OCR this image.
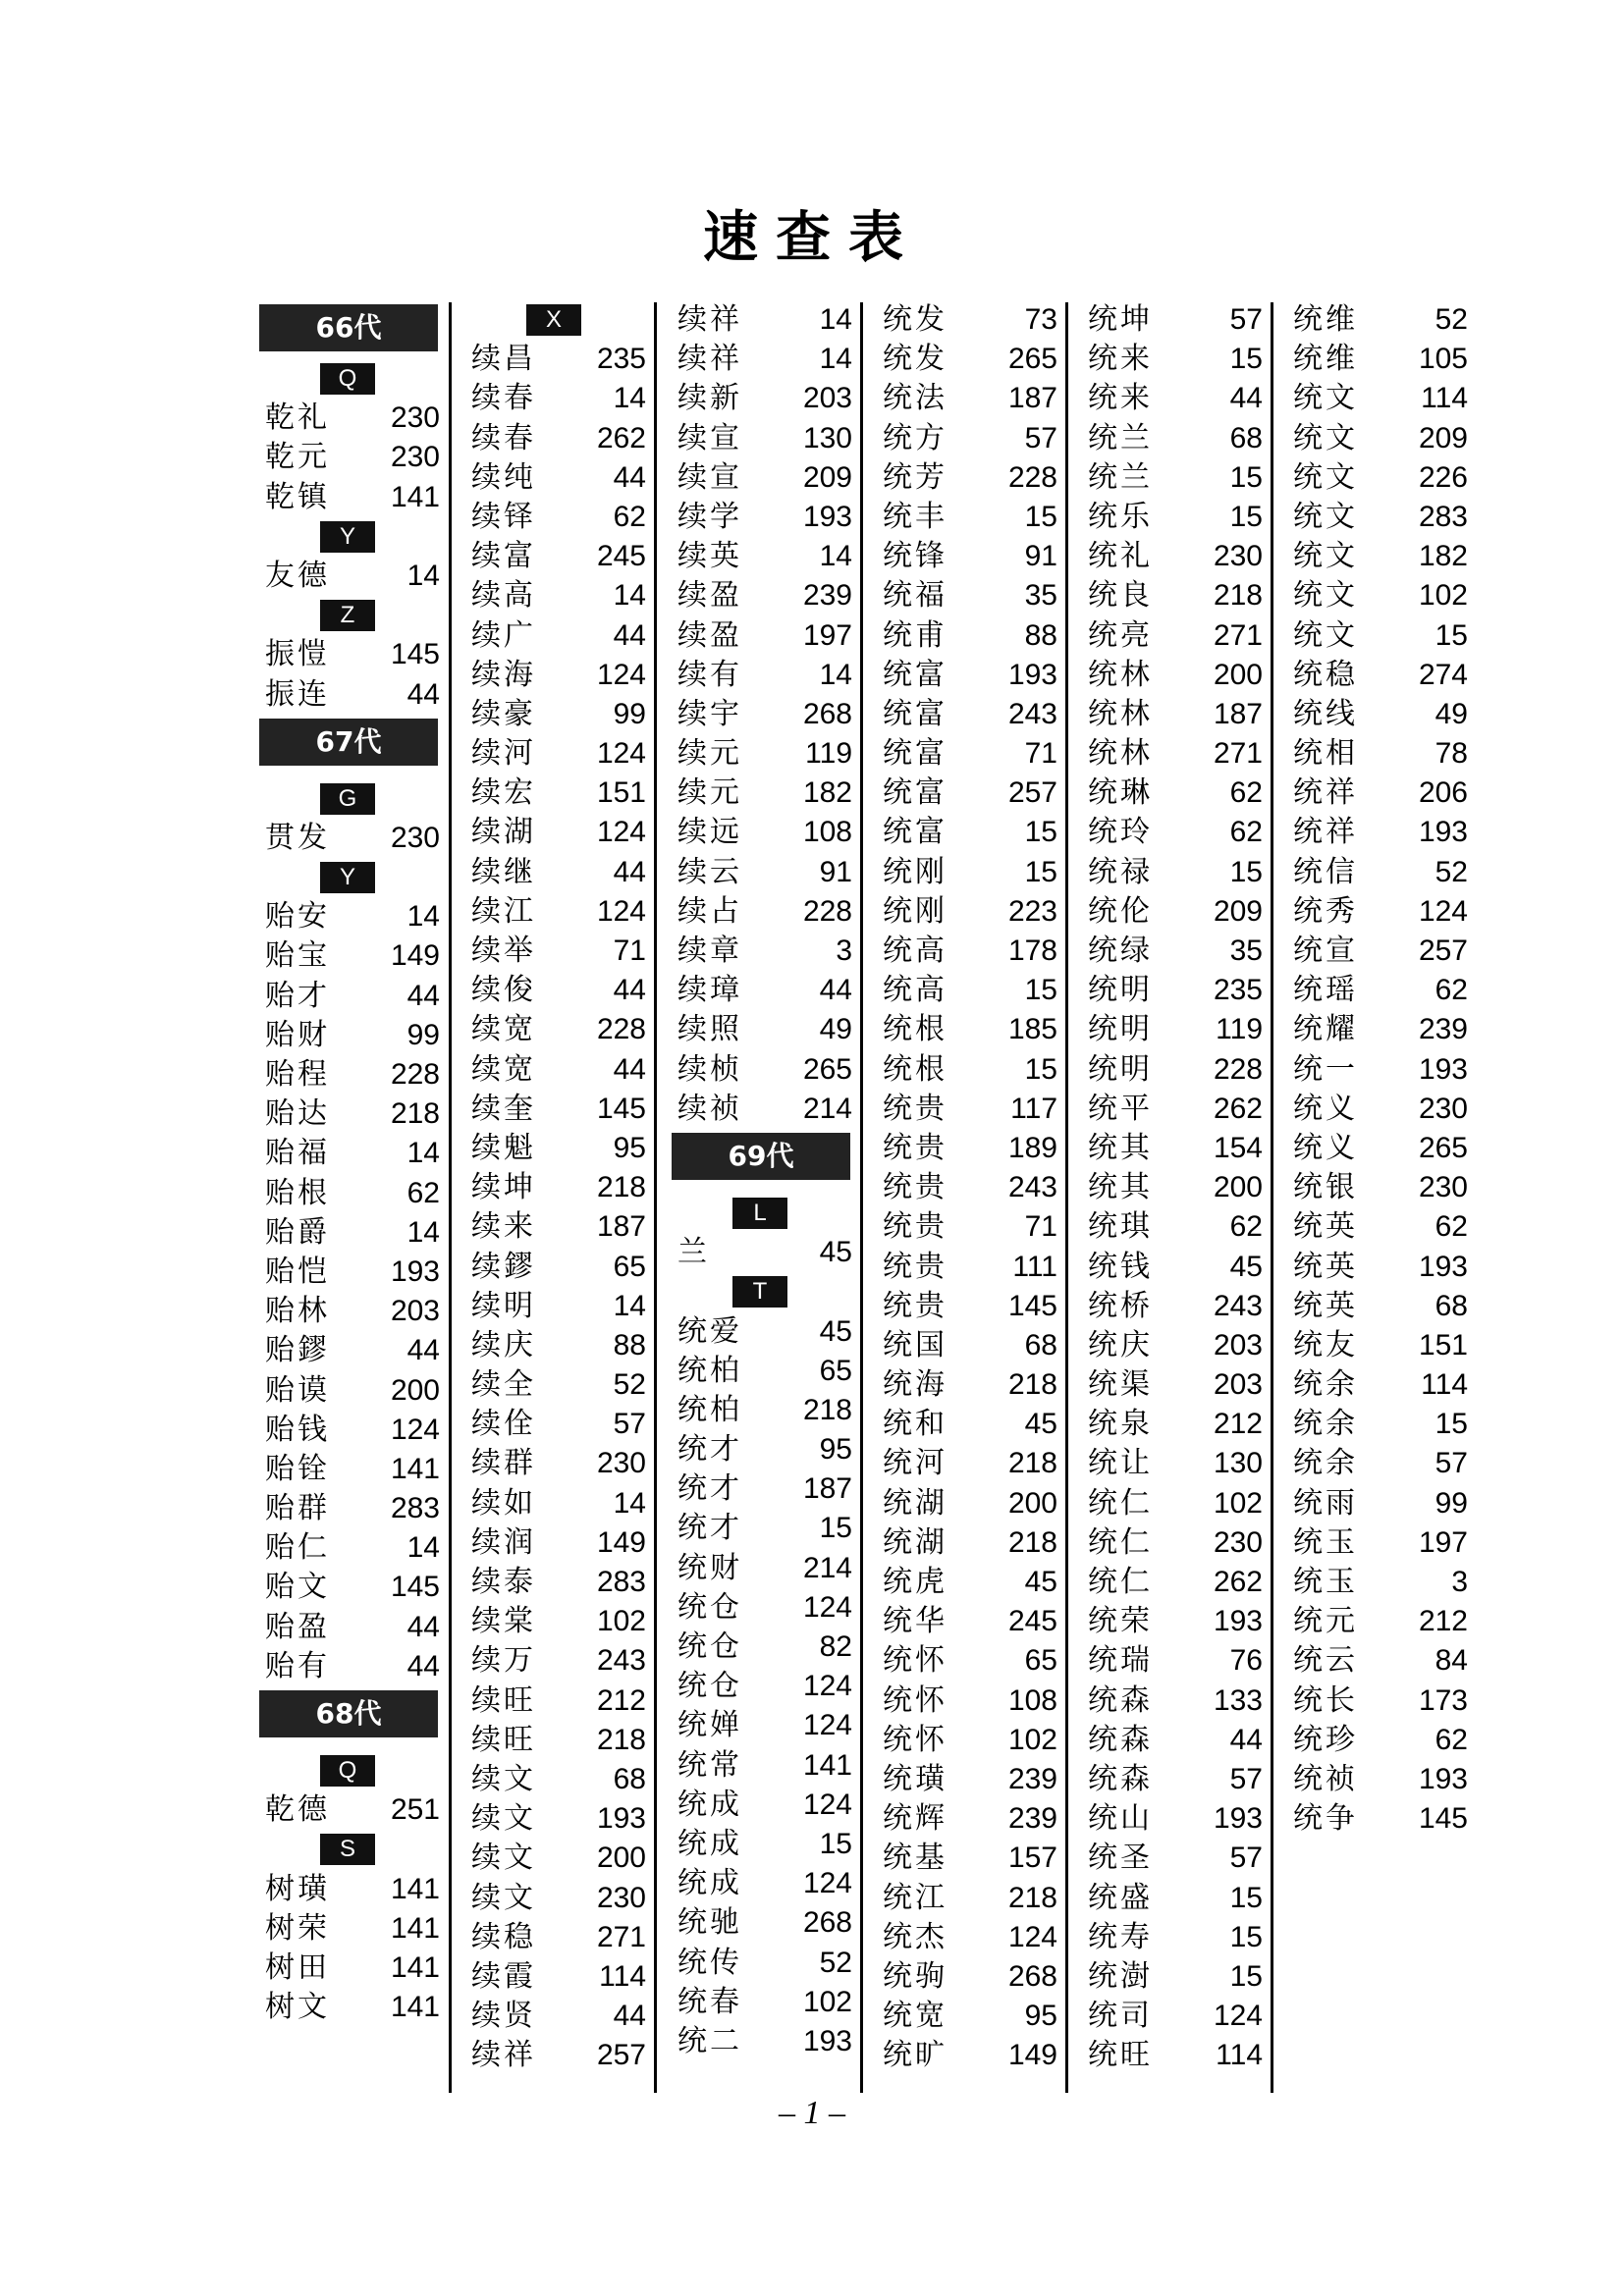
速查表
66代
Q
乾礼 230
乾元 230
乾镇 141
Y
友德	14
Z
振愷 145
振连	44
67代
G
贯发 230
Y
贻安	14
贻宝 149
贻才	44
贻财	99
贻程 228
贻达 218
贻福	14
贻根	62
贻爵	14
贻恺 193
贻林 203
贻鏐	44
贻谟 200
贻钱 124
贻铨 141
贻群 283
贻仁	14
贻文 145
贻盈	44
贻有	44
68代
Q
乾德 251
S
树璜 141
树荣 141
树田 141
树文 141
X
续昌 235
续春	14
续春 262
续纯	44
续铎	62
续富 245
续高	14
续广	44
续海 124
续豪	99
续河 124
续宏 151
续湖 124
续继	44
续江 124
续举	71
续俊	44
续宽 228
续宽	44
续奎 145
续魁	95
续坤 218
续来 187
续鏐	65
续明	14
续庆	88
续全	52
续佺	57
续群 230
续如	14
续润 149
续泰 283
续棠 102
续万 243
续旺 212
续旺 218
续文	68
续文 193
续文 200
续文 230
续稳 271
续霞 114
续贤	44
续祥 257
续祥	14
续祥	14
续新 203
续宣 130
续宣 209
续学 193
续英	14
续盈 239
续盈 197
续有	14
续宇 268
续元 119
续元 182
续远 108
续云	91
续占 228
续章	3
续璋	44
续照	49
续桢 265
续祯 214
69代
L
兰	45
T
统爱	45
统柏	65
统柏 218
统才	95
统才 187
统才	15
统财 214
统仓 124
统仓	82
统仓 124
统婵 124
统常 141
统成 124
统成	15
统成 124
统驰 268
统传	52
统春 102
统二 193
统发	73
统发 265
统法 187
统方	57
统芳 228
统丰	15
统锋	91
统福	35
统甫	88
统富 193
统富 243
统富	71
统富 257
统富	15
统刚	15
统刚 223
统高 178
统高	15
统根 185
统根	15
统贵 117
统贵 189
统贵 243
统贵	71
统贵 111
统贵 145
统国	68
统海 218
统和	45
统河 218
统湖 200
统湖 218
统虎	45
统华 245
统怀	65
统怀 108
统怀 102
统璜 239
统辉 239
统基 157
统江 218
统杰 124
统驹 268
统宽	95
统旷 149
统坤	57
统来	15
统来	44
统兰	68
统兰	15
统乐	15
统礼 230
统良 218
统亮 271
统林 200
统林 187
统林 271
统琳	62
统玲	62
统禄	15
统伦 209
统绿	35
统明 235
统明 119
统明 228
统平 262
统其 154
统其 200
统琪	62
统钱	45
统桥 243
统庆 203
统渠 203
统泉 212
统让 130
统仁 102
统仁 230
统仁 262
统荣 193
统瑞	76
统森 133
统森	44
统森	57
统山 193
统圣	57
统盛	15
统寿	15
统澍	15
统司 124
统旺 114
统维	52
统维 105
统文 114
统文 209
统文 226
统文 283
统文 182
统文 102
统文	15
统稳 274
统线	49
统相	78
统祥 206
统祥 193
统信	52
统秀 124
统宣 257
统瑶	62
统耀 239
统一 193
统义 230
统义 265
统银 230
统英	62
统英 193
统英	68
统友 151
统余 114
统余	15
统余	57
统雨	99
统玉 197
统玉	3
统元 212
统云	84
统长 173
统珍	62
统祯 193
统争 145
– 1 –
